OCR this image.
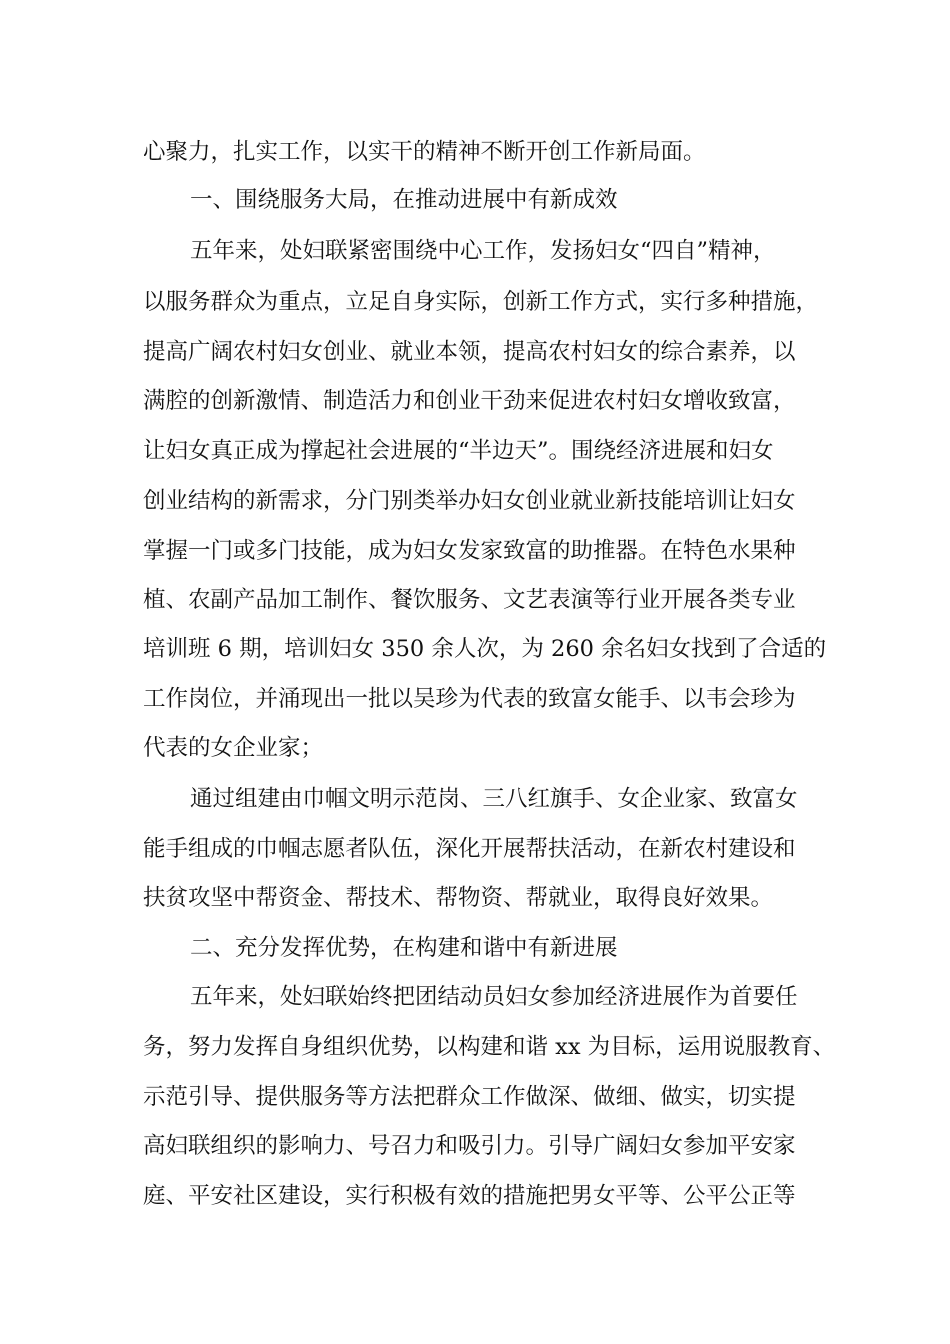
心聚力，扎实工作，以实干的精神不断开创工作新局面。
一、围绕服务大局，在推动进展中有新成效
五年来，处妇联紧密围绕中心工作，发扬妇女“四自”精神，
以服务群众为重点，立足自身实际，创新工作方式，实行多种措施，
提高广阔农村妇女创业、就业本领，提高农村妇女的综合素养，以
满腔的创新激情、制造活力和创业干劲来促进农村妇女增收致富，
让妇女真正成为撑起社会进展的“半边天”。围绕经济进展和妇女
创业结构的新需求，分门别类举办妇女创业就业新技能培训让妇女
掌握一门或多门技能，成为妇女发家致富的助推器。在特色水果种
植、农副产品加工制作、餐饮服务、文艺表演等行业开展各类专业
培训班 6 期，培训妇女 350 余人次，为 260 余名妇女找到了合适的
工作岗位，并涌现出一批以吴珍为代表的致富女能手、以韦会珍为
代表的女企业家；
通过组建由巾帼文明示范岗、三八红旗手、女企业家、致富女
能手组成的巾帼志愿者队伍，深化开展帮扶活动，在新农村建设和
扶贫攻坚中帮资金、帮技术、帮物资、帮就业，取得良好效果。
二、充分发挥优势，在构建和谐中有新进展
五年来，处妇联始终把团结动员妇女参加经济进展作为首要任
务，努力发挥自身组织优势，以构建和谐 xx 为目标，运用说服教育、
示范引导、提供服务等方法把群众工作做深、做细、做实，切实提
高妇联组织的影响力、号召力和吸引力。引导广阔妇女参加平安家
庭、平安社区建设，实行积极有效的措施把男女平等、公平公正等
